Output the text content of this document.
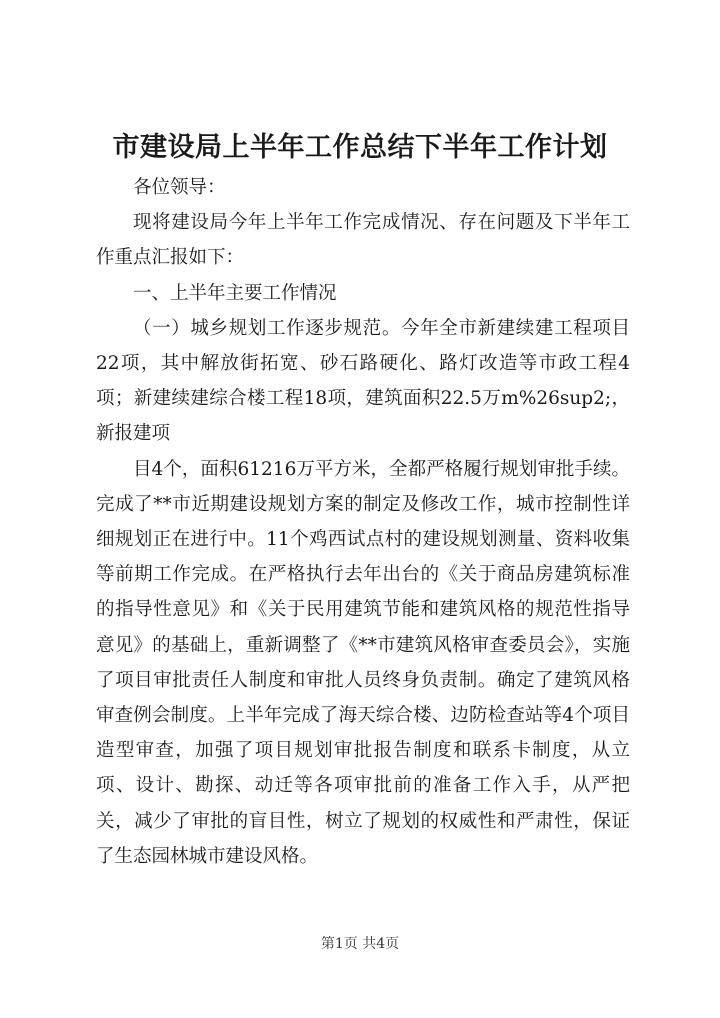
市建设局上半年工作总结下半年工作计划

各位领导：

现将建设局今年上半年工作完成情况、存在问题及下半年工作重点汇报如下：

一、上半年主要工作情况

（一）城乡规划工作逐步规范。今年全市新建续建工程项目22项，其中解放街拓宽、砂石路硬化、路灯改造等市政工程4项；新建续建综合楼工程18项，建筑面积22.5万m%26sup2;，新报建项

目4个，面积61216万平方米，全都严格履行规划审批手续。完成了**市近期建设规划方案的制定及修改工作，城市控制性详细规划正在进行中。11个鸡西试点村的建设规划测量、资料收集等前期工作完成。在严格执行去年出台的《关于商品房建筑标准的指导性意见》和《关于民用建筑节能和建筑风格的规范性指导意见》的基础上，重新调整了《**市建筑风格审查委员会》，实施了项目审批责任人制度和审批人员终身负责制。确定了建筑风格审查例会制度。上半年完成了海天综合楼、边防检查站等4个项目造型审查，加强了项目规划审批报告制度和联系卡制度，从立项、设计、勘探、动迁等各项审批前的准备工作入手，从严把关，减少了审批的盲目性，树立了规划的权威性和严肃性，保证了生态园林城市建设风格。

第1页 共4页
